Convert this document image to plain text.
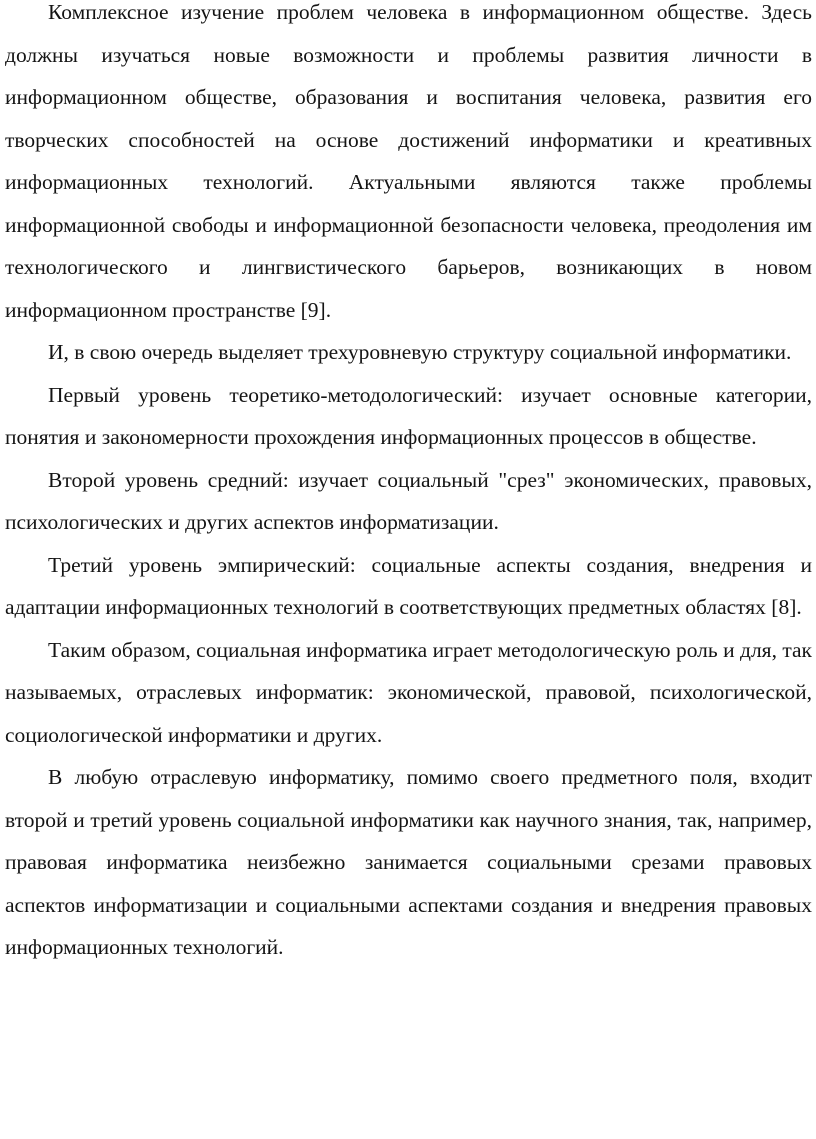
Комплексное изучение проблем человека в информационном обществе. Здесь должны изучаться новые возможности и проблемы развития личности в информационном обществе, образования и воспитания человека, развития его творческих способностей на основе достижений информатики и креативных информационных технологий. Актуальными являются также проблемы информационной свободы и информационной безопасности человека, преодоления им технологического и лингвистического барьеров, возникающих в новом информационном пространстве [9].

И, в свою очередь выделяет трехуровневую структуру социальной информатики.

Первый уровень теоретико-методологический: изучает основные категории, понятия и закономерности прохождения информационных процессов в обществе.

Второй уровень средний: изучает социальный "срез" экономических, правовых, психологических и других аспектов информатизации.

Третий уровень эмпирический: социальные аспекты создания, внедрения и адаптации информационных технологий в соответствующих предметных областях [8].

Таким образом, социальная информатика играет методологическую роль и для, так называемых, отраслевых информатик: экономической, правовой, психологической, социологической информатики и других.

В любую отраслевую информатику, помимо своего предметного поля, входит второй и третий уровень социальной информатики как научного знания, так, например, правовая информатика неизбежно занимается социальными срезами правовых аспектов информатизации и социальными аспектами создания и внедрения правовых информационных технологий.
